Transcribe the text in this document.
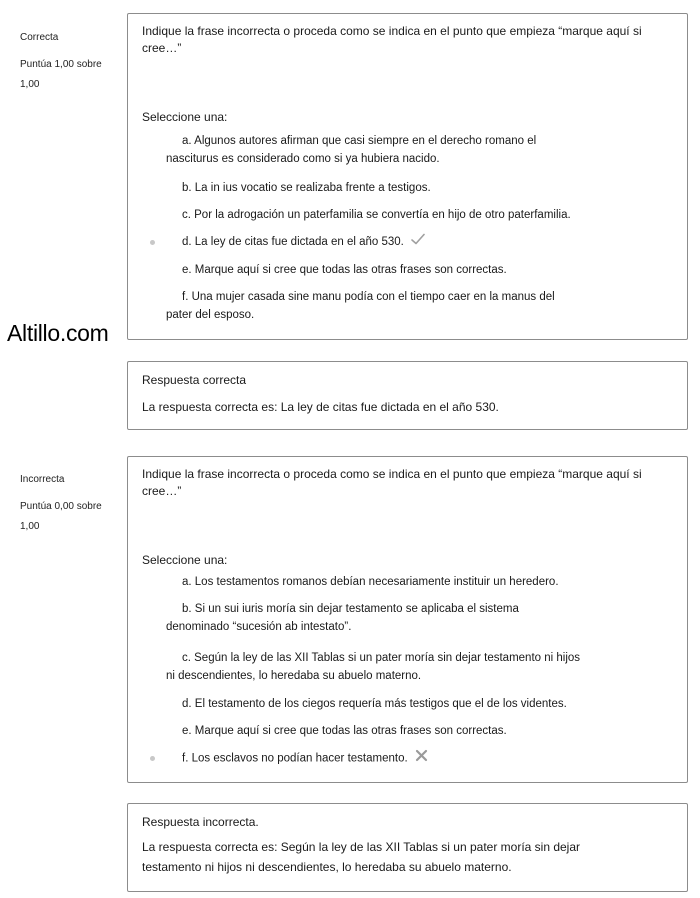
Correcta
Puntúa 1,00 sobre 1,00
Indique la frase incorrecta o proceda como se indica en el punto que empieza “marque aquí si cree…”
Seleccione una:
a. Algunos autores afirman que casi siempre en el derecho romano el
nasciturus es considerado como si ya hubiera nacido.
b. La in ius vocatio se realizaba frente a testigos.
c. Por la adrogación un paterfamilia se convertía en hijo de otro paterfamilia.
d. La ley de citas fue dictada en el año 530.
e. Marque aquí si cree que todas las otras frases son correctas.
f. Una mujer casada sine manu podía con el tiempo caer en la manus del
pater del esposo.
Altillo.com
Respuesta correcta
La respuesta correcta es: La ley de citas fue dictada en el año 530.
Incorrecta
Puntúa 0,00 sobre 1,00
Indique la frase incorrecta o proceda como se indica en el punto que empieza “marque aquí si cree…”
Seleccione una:
a. Los testamentos romanos debían necesariamente instituir un heredero.
b. Si un sui iuris moría sin dejar testamento se aplicaba el sistema
denominado “sucesión ab intestato”.
c. Según la ley de las XII Tablas si un pater moría sin dejar testamento ni hijos
ni descendientes, lo heredaba su abuelo materno.
d. El testamento de los ciegos requería más testigos que el de los videntes.
e. Marque aquí si cree que todas las otras frases son correctas.
f. Los esclavos no podían hacer testamento.
Respuesta incorrecta.
La respuesta correcta es: Según la ley de las XII Tablas si un pater moría sin dejar
testamento ni hijos ni descendientes, lo heredaba su abuelo materno.
